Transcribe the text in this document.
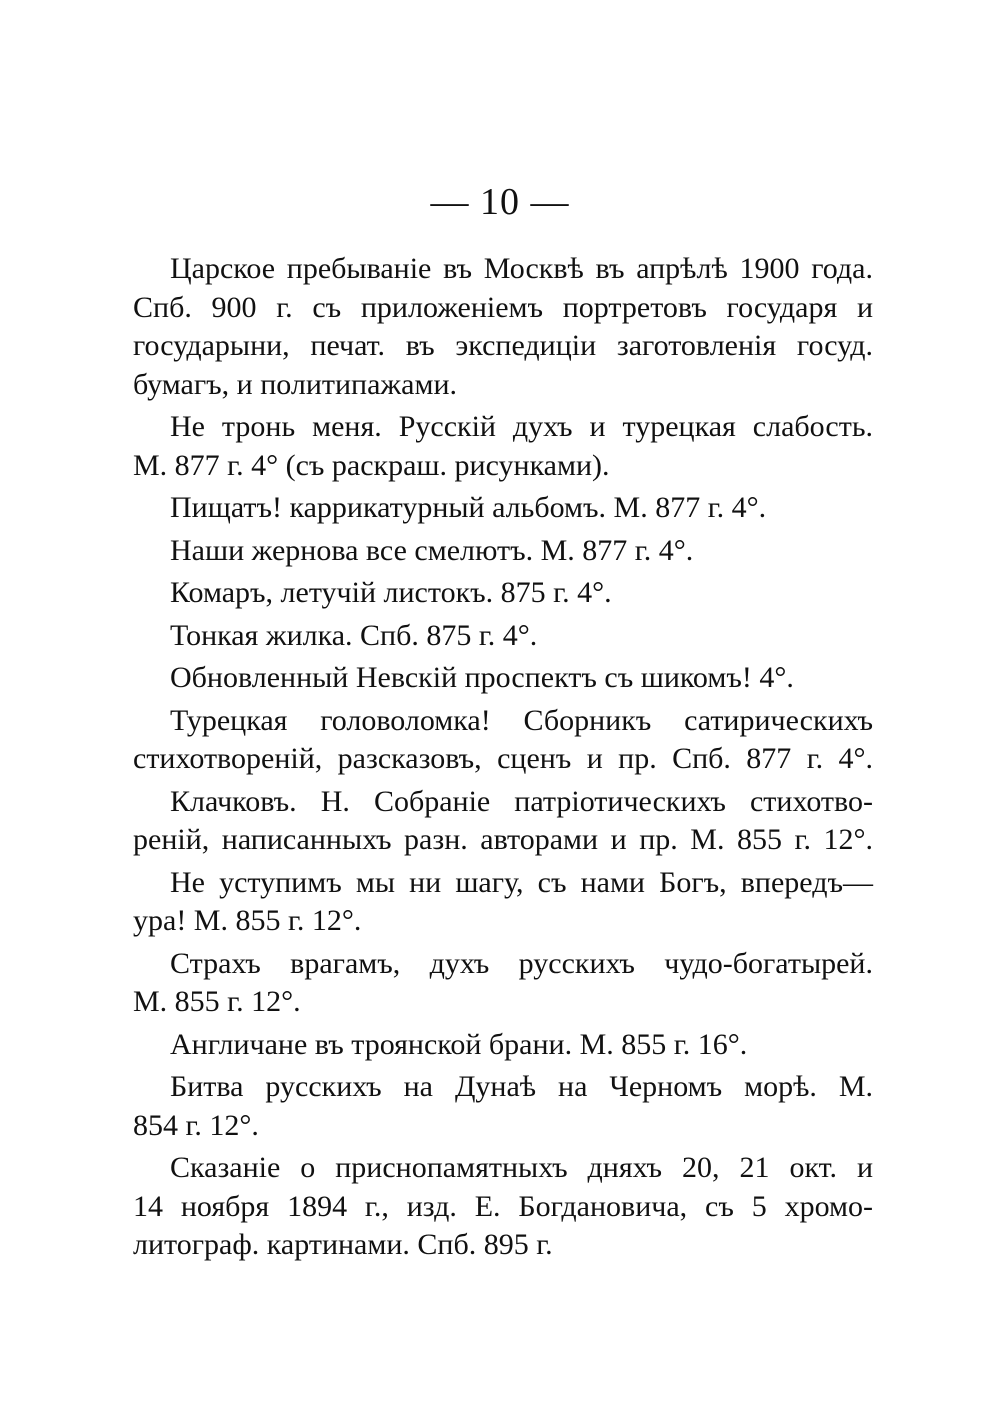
— 10 —
Царское пребываніе въ Москвѣ въ апрѣлѣ 1900 года.
Спб. 900 г. съ приложеніемъ портретовъ государя и
государыни, печат. въ экспедиціи заготовленія госуд.
бумагъ, и политипажами.
Не тронь меня. Русскій духъ и турецкая слабость.
М. 877 г. 4° (съ раскраш. рисунками).
Пищатъ! каррикатурный альбомъ. М. 877 г. 4°.
Наши жернова все смелютъ. М. 877 г. 4°.
Комаръ, летучій листокъ. 875 г. 4°.
Тонкая жилка. Спб. 875 г. 4°.
Обновленный Невскій проспектъ съ шикомъ! 4°.
Турецкая головоломка! Сборникъ сатирическихъ
стихотвореній, разсказовъ, сценъ и пр. Спб. 877 г. 4°.
Клачковъ. Н. Собраніе патріотическихъ стихотво-
реній, написанныхъ разн. авторами и пр. М. 855 г. 12°.
Не уступимъ мы ни шагу, съ нами Богъ, впередъ—
ура! М. 855 г. 12°.
Страхъ врагамъ, духъ русскихъ чудо-богатырей.
М. 855 г. 12°.
Англичане въ троянской брани. М. 855 г. 16°.
Битва русскихъ на Дунаѣ на Черномъ морѣ. М.
854 г. 12°.
Сказаніе о приснопамятныхъ дняхъ 20, 21 окт. и
14 ноября 1894 г., изд. Е. Богдановича, съ 5 хромо-
литограф. картинами. Спб. 895 г.
